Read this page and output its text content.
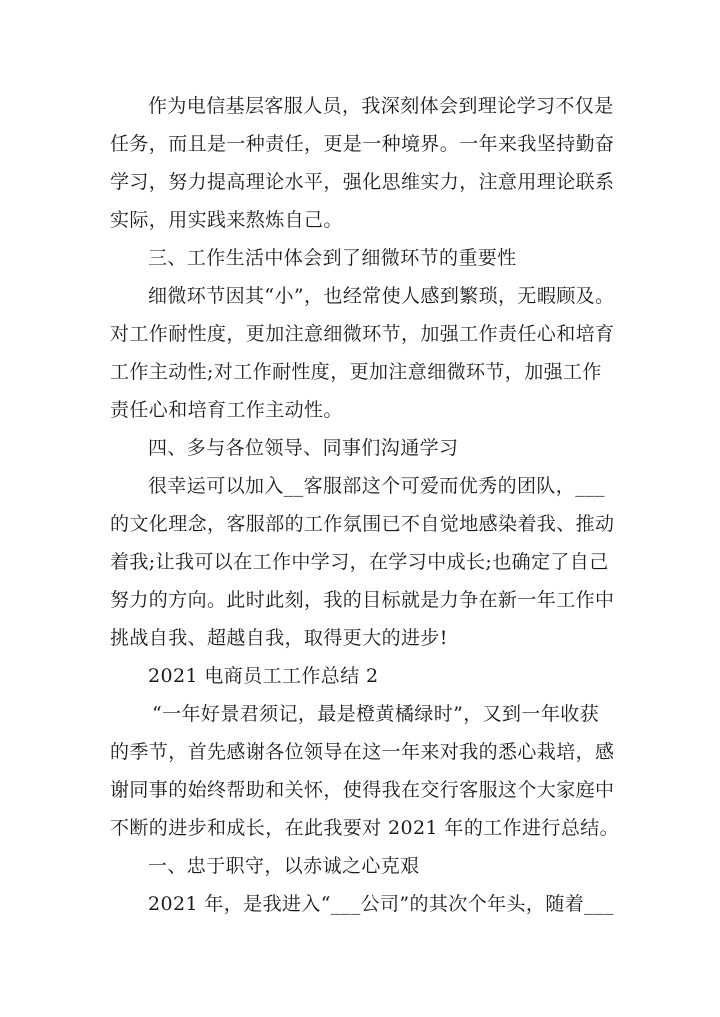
作为电信基层客服人员，我深刻体会到理论学习不仅是
任务，而且是一种责任，更是一种境界。一年来我坚持勤奋
学习，努力提高理论水平，强化思维实力，注意用理论联系
实际，用实践来熬炼自己。
三、工作生活中体会到了细微环节的重要性
细微环节因其“小”，也经常使人感到繁琐，无暇顾及。
对工作耐性度，更加注意细微环节，加强工作责任心和培育
工作主动性;对工作耐性度，更加注意细微环节，加强工作
责任心和培育工作主动性。
四、多与各位领导、同事们沟通学习
很幸运可以加入__客服部这个可爱而优秀的团队，___
的文化理念，客服部的工作氛围已不自觉地感染着我、推动
着我;让我可以在工作中学习，在学习中成长;也确定了自己
努力的方向。此时此刻，我的目标就是力争在新一年工作中
挑战自我、超越自我，取得更大的进步!
2021 电商员工工作总结 2
“一年好景君须记，最是橙黄橘绿时”，又到一年收获
的季节，首先感谢各位领导在这一年来对我的悉心栽培，感
谢同事的始终帮助和关怀，使得我在交行客服这个大家庭中
不断的进步和成长，在此我要对 2021 年的工作进行总结。
一、忠于职守，以赤诚之心克艰
2021 年，是我进入“___公司”的其次个年头，随着___
